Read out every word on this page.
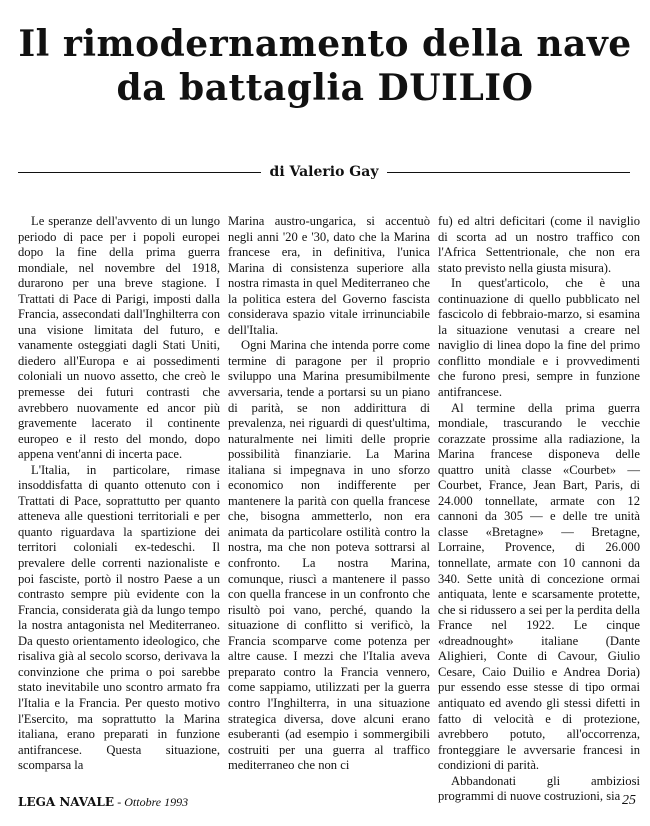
Il rimodernamento della nave
da battaglia DUILIO
di Valerio Gay

Le speranze dell'avvento di un lungo periodo di pace per i popoli europei dopo la fine della prima guerra mondiale, nel novembre del 1918, durarono per una breve stagione. I Trattati di Pace di Parigi, imposti dalla Francia, assecondati dall'Inghilterra con una visione limitata del futuro, e vanamente osteggiati dagli Stati Uniti, diedero all'Europa e ai possedimenti coloniali un nuovo assetto, che creò le premesse dei futuri contrasti che avrebbero nuovamente ed ancor più gravemente lacerato il continente europeo e il resto del mondo, dopo appena vent'anni di incerta pace.

L'Italia, in particolare, rimase insoddisfatta di quanto ottenuto con i Trattati di Pace, soprattutto per quanto atteneva alle questioni territoriali e per quanto riguardava la spartizione dei territori coloniali ex-tedeschi. Il prevalere delle correnti nazionaliste e poi fasciste, portò il nostro Paese a un contrasto sempre più evidente con la Francia, considerata già da lungo tempo la nostra antagonista nel Mediterraneo. Da questo orientamento ideologico, che risaliva già al secolo scorso, derivava la convinzione che prima o poi sarebbe stato inevitabile uno scontro armato fra l'Italia e la Francia. Per questo motivo l'Esercito, ma soprattutto la Marina italiana, erano preparati in funzione antifrancese. Questa situazione, scomparsa la

Marina austro-ungarica, si accentuò negli anni '20 e '30, dato che la Marina francese era, in definitiva, l'unica Marina di consistenza superiore alla nostra rimasta in quel Mediterraneo che la politica estera del Governo fascista considerava spazio vitale irrinunciabile dell'Italia.

Ogni Marina che intenda porre come termine di paragone per il proprio sviluppo una Marina presumibilmente avversaria, tende a portarsi su un piano di parità, se non addirittura di prevalenza, nei riguardi di quest'ultima, naturalmente nei limiti delle proprie possibilità finanziarie. La Marina italiana si impegnava in uno sforzo economico non indifferente per mantenere la parità con quella francese che, bisogna ammetterlo, non era animata da particolare ostilità contro la nostra, ma che non poteva sottrarsi al confronto. La nostra Marina, comunque, riuscì a mantenere il passo con quella francese in un confronto che risultò poi vano, perché, quando la situazione di conflitto si verificò, la Francia scomparve come potenza per altre cause. I mezzi che l'Italia aveva preparato contro la Francia vennero, come sappiamo, utilizzati per la guerra contro l'Inghilterra, in una situazione strategica diversa, dove alcuni erano esuberanti (ad esempio i sommergibili costruiti per una guerra al traffico mediterraneo che non ci

fu) ed altri deficitari (come il naviglio di scorta ad un nostro traffico con l'Africa Settentrionale, che non era stato previsto nella giusta misura).

In quest'articolo, che è una continuazione di quello pubblicato nel fascicolo di febbraio-marzo, si esamina la situazione venutasi a creare nel naviglio di linea dopo la fine del primo conflitto mondiale e i provvedimenti che furono presi, sempre in funzione antifrancese.

Al termine della prima guerra mondiale, trascurando le vecchie corazzate prossime alla radiazione, la Marina francese disponeva delle quattro unità classe «Courbet» — Courbet, France, Jean Bart, Paris, di 24.000 tonnellate, armate con 12 cannoni da 305 — e delle tre unità classe «Bretagne» — Bretagne, Lorraine, Provence, di 26.000 tonnellate, armate con 10 cannoni da 340. Sette unità di concezione ormai antiquata, lente e scarsamente protette, che si ridussero a sei per la perdita della France nel 1922. Le cinque «dreadnought» italiane (Dante Alighieri, Conte di Cavour, Giulio Cesare, Caio Duilio e Andrea Doria) pur essendo esse stesse di tipo ormai antiquato ed avendo gli stessi difetti in fatto di velocità e di protezione, avrebbero potuto, all'occorrenza, fronteggiare le avversarie francesi in condizioni di parità.

Abbandonati gli ambiziosi programmi di nuove costruzioni, sia

LEGA NAVALE - Ottobre 1993	25
